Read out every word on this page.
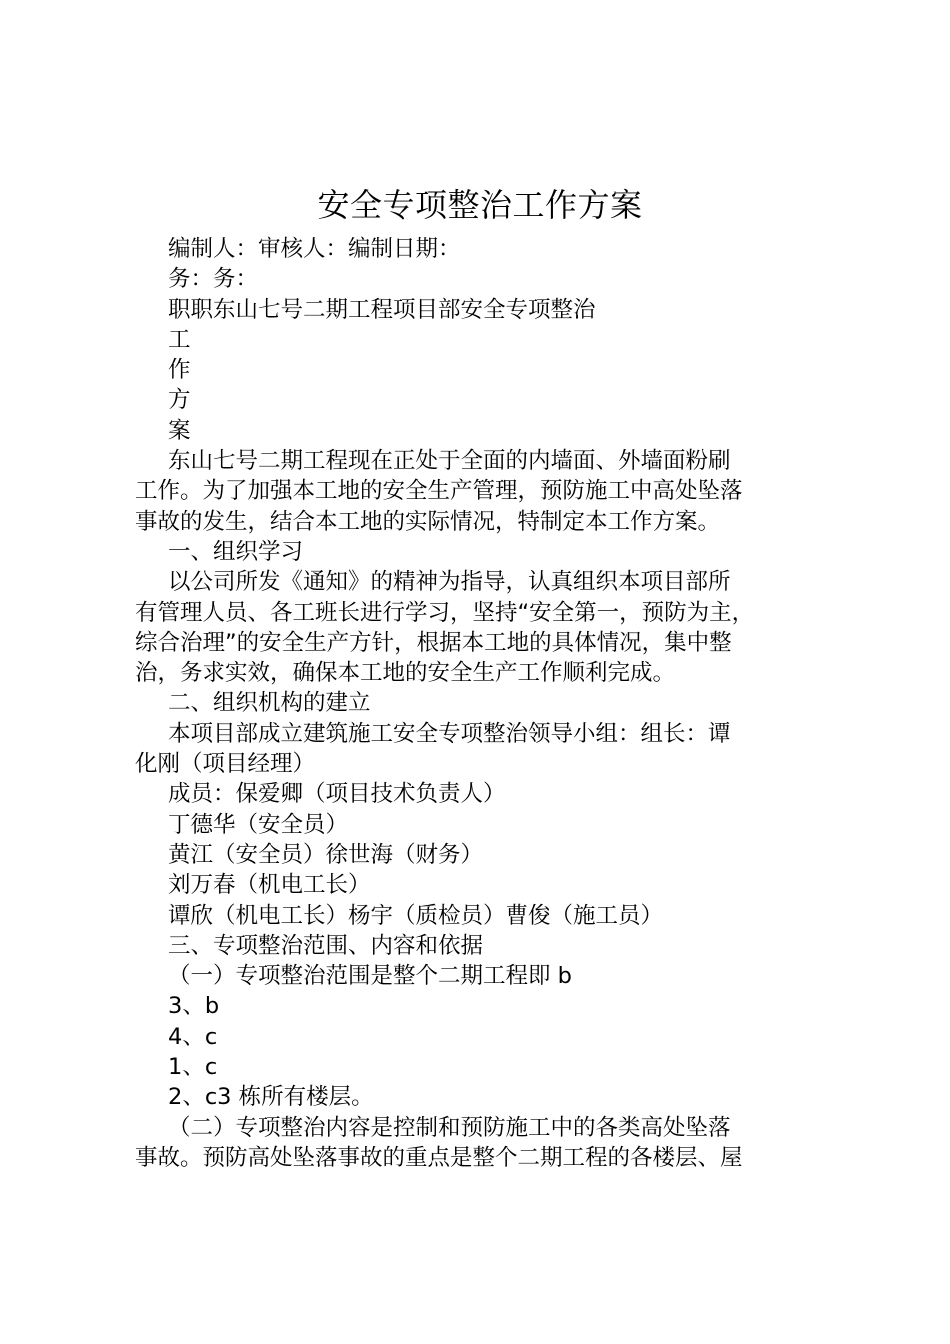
安全专项整治工作方案
编制人：审核人：编制日期：
务：务：
职职东山七号二期工程项目部安全专项整治
工
作
方
案
东山七号二期工程现在正处于全面的内墙面、外墙面粉刷
工作。为了加强本工地的安全生产管理，预防施工中高处坠落
事故的发生，结合本工地的实际情况，特制定本工作方案。
一、组织学习
以公司所发《通知》的精神为指导，认真组织本项目部所
有管理人员、各工班长进行学习，坚持“安全第一，预防为主，
综合治理”的安全生产方针，根据本工地的具体情况，集中整
治，务求实效，确保本工地的安全生产工作顺利完成。
二、组织机构的建立
本项目部成立建筑施工安全专项整治领导小组：组长：谭
化刚（项目经理）
成员：保爱卿（项目技术负责人）
丁德华（安全员）
黄江（安全员）徐世海（财务）
刘万春（机电工长）
谭欣（机电工长）杨宇（质检员）曹俊（施工员）
三、专项整治范围、内容和依据
（一）专项整治范围是整个二期工程即 b
3、b
4、c
1、c
2、c3 栋所有楼层。
（二）专项整治内容是控制和预防施工中的各类高处坠落
事故。预防高处坠落事故的重点是整个二期工程的各楼层、屋
